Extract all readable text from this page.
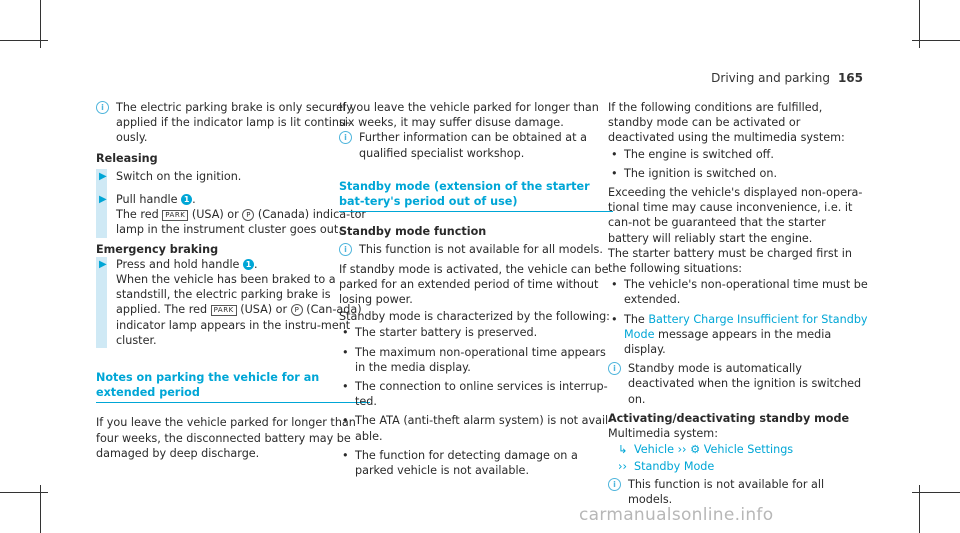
Driving and parking 165

i	The electric parking brake is only securely applied if the indicator lamp is lit continu-ously.

Releasing

▶ Switch on the ignition.

▶ Pull handle 1 .
The red PARK (USA) or P (Canada) indica-tor lamp in the instrument cluster goes out.

Emergency braking

▶ Press and hold handle 1 .
When the vehicle has been braked to a standstill, the electric parking brake is applied. The red PARK (USA) or P (Can-ada) indicator lamp appears in the instru-ment cluster.

Notes on parking the vehicle for an extended period

If you leave the vehicle parked for longer than four weeks, the disconnected battery may be damaged by deep discharge.

If you leave the vehicle parked for longer than six weeks, it may suffer disuse damage.

i	Further information can be obtained at a qualified specialist workshop.

Standby mode (extension of the starter bat-tery's period out of use)

Standby mode function

i	This function is not available for all models.

If standby mode is activated, the vehicle can be parked for an extended period of time without losing power.

Standby mode is characterized by the following:

• The starter battery is preserved.

• The maximum non-operational time appears in the media display.

• The connection to online services is interrup-ted.

• The ATA (anti-theft alarm system) is not avail-able.

• The function for detecting damage on a parked vehicle is not available.

If the following conditions are fulfilled, standby mode can be activated or deactivated using the multimedia system:

• The engine is switched off.

• The ignition is switched on.

Exceeding the vehicle's displayed non-opera-tional time may cause inconvenience, i.e. it can-not be guaranteed that the starter battery will reliably start the engine.

The starter battery must be charged first in the following situations:

• The vehicle's non-operational time must be extended.

• The Battery Charge Insufficient for Standby Mode message appears in the media display.

i	Standby mode is automatically deactivated when the ignition is switched on.

Activating/deactivating standby mode

Multimedia system:

↳ Vehicle ›› ⚙ Vehicle Settings

›› Standby Mode

i	This function is not available for all models.

carmanualsonline.info
